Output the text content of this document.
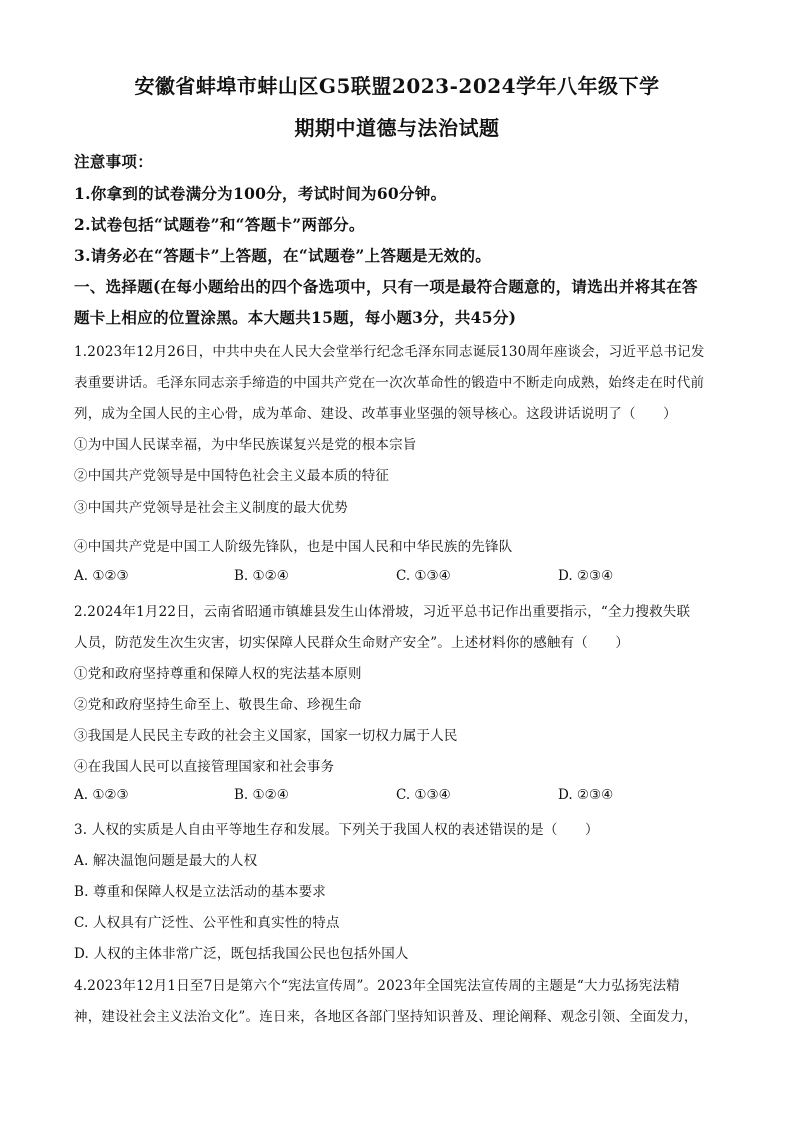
安徽省蚌埠市蚌山区G5联盟2023-2024学年八年级下学
期期中道德与法治试题
注意事项：
1.你拿到的试卷满分为100分，考试时间为60分钟。
2.试卷包括“试题卷”和“答题卡”两部分。
3.请务必在“答题卡”上答题，在“试题卷”上答题是无效的。
一、选择题(在每小题给出的四个备选项中，只有一项是最符合题意的，请选出并将其在答
题卡上相应的位置涂黑。本大题共15题，每小题3分，共45分)
1.2023年12月26日，中共中央在人民大会堂举行纪念毛泽东同志诞辰130周年座谈会，习近平总书记发
表重要讲话。毛泽东同志亲手缔造的中国共产党在一次次革命性的锻造中不断走向成熟，始终走在时代前
列，成为全国人民的主心骨，成为革命、建设、改革事业坚强的领导核心。这段讲话说明了（　　）
①为中国人民谋幸福，为中华民族谋复兴是党的根本宗旨
②中国共产党领导是中国特色社会主义最本质的特征
③中国共产党领导是社会主义制度的最大优势
④中国共产党是中国工人阶级先锋队，也是中国人民和中华民族的先锋队
A. ①②③	B. ①②④	C. ①③④	D. ②③④
2.2024年1月22日，云南省昭通市镇雄县发生山体滑坡，习近平总书记作出重要指示，“全力搜救失联
人员，防范发生次生灾害，切实保障人民群众生命财产安全”。上述材料你的感触有（　　）
①党和政府坚持尊重和保障人权的宪法基本原则
②党和政府坚持生命至上、敬畏生命、珍视生命
③我国是人民民主专政的社会主义国家，国家一切权力属于人民
④在我国人民可以直接管理国家和社会事务
A. ①②③	B. ①②④	C. ①③④	D. ②③④
3. 人权的实质是人自由平等地生存和发展。下列关于我国人权的表述错误的是（　　）
A. 解决温饱问题是最大的人权
B. 尊重和保障人权是立法活动的基本要求
C. 人权具有广泛性、公平性和真实性的特点
D. 人权的主体非常广泛，既包括我国公民也包括外国人
4.2023年12月1日至7日是第六个“宪法宣传周”。2023年全国宪法宣传周的主题是“大力弘扬宪法精
神，建设社会主义法治文化”。连日来，各地区各部门坚持知识普及、理论阐释、观念引领、全面发力，
